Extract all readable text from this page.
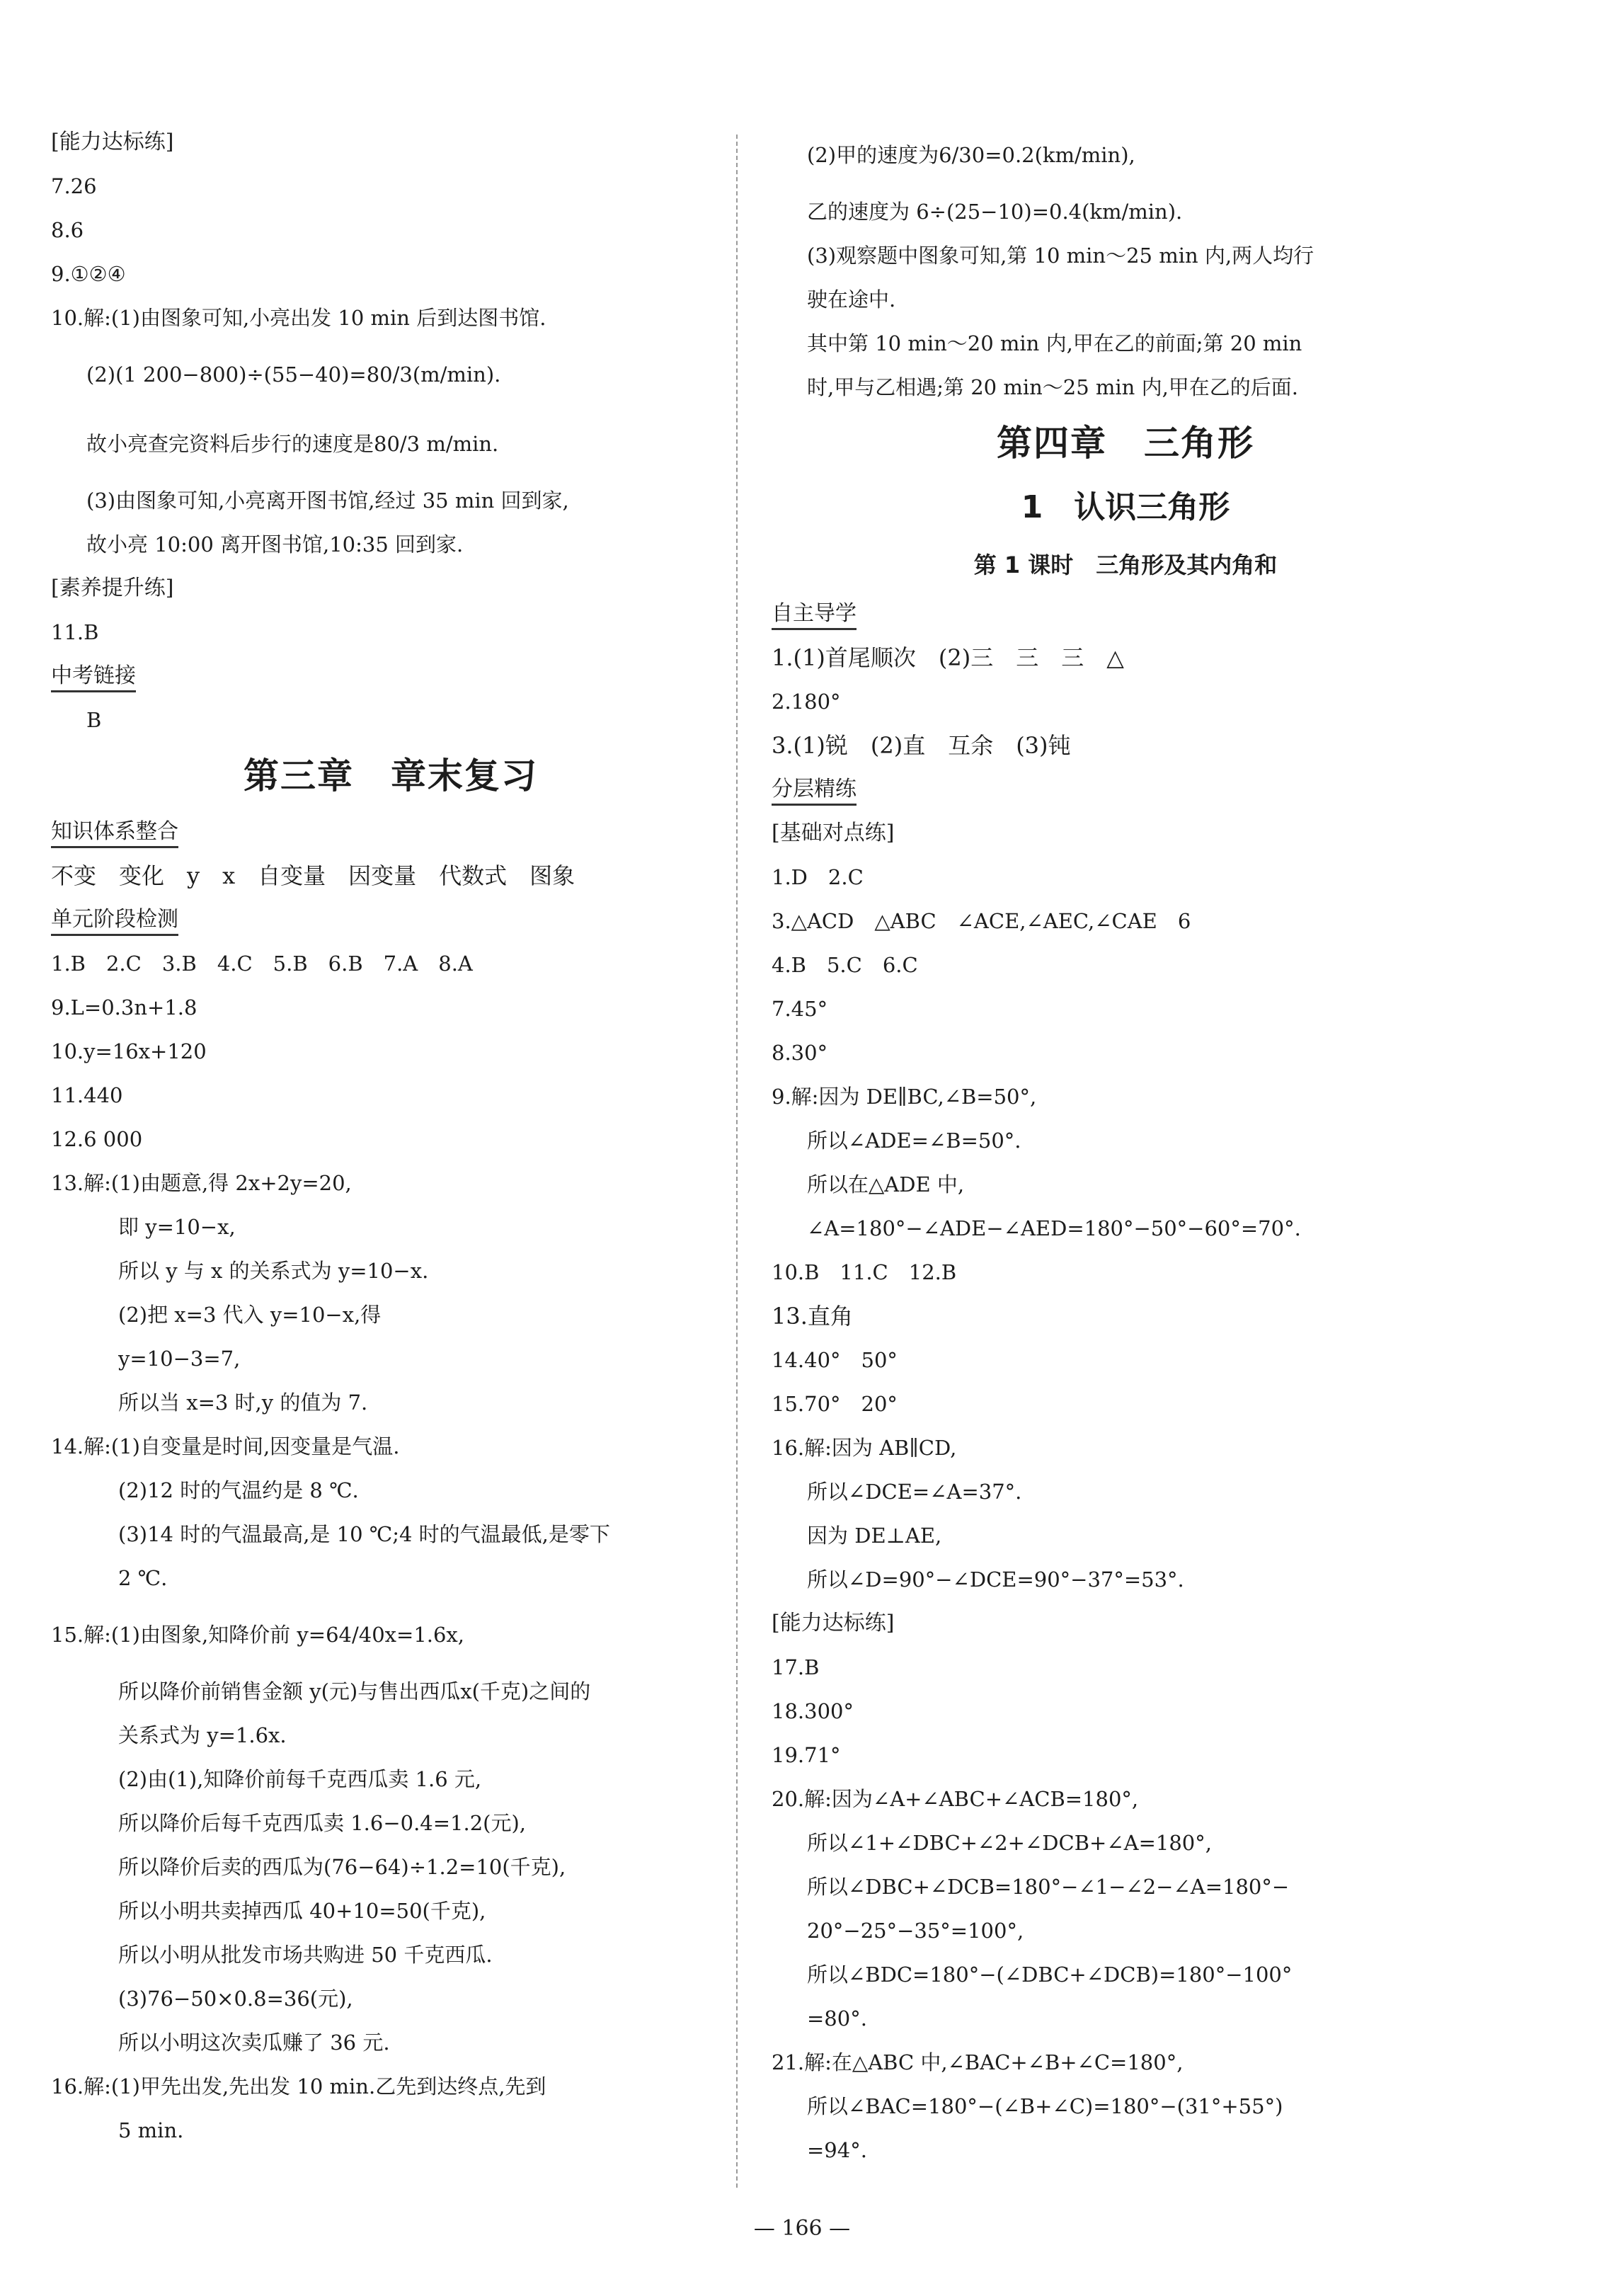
[能力达标练]
7.26
8.6
9.①②④
10.解:(1)由图象可知,小亮出发 10 min 后到达图书馆.
(2)(1 200−800)÷(55−40)=80/3(m/min).
故小亮查完资料后步行的速度是80/3 m/min.
(3)由图象可知,小亮离开图书馆,经过 35 min 回到家,
故小亮 10:00 离开图书馆,10:35 回到家.
[素养提升练]
11.B
中考链接
B
第三章　章末复习
知识体系整合
不变　变化　y　x　自变量　因变量　代数式　图象
单元阶段检测
1.B　2.C　3.B　4.C　5.B　6.B　7.A　8.A
9.L=0.3n+1.8
10.y=16x+120
11.440
12.6 000
13.解:(1)由题意,得 2x+2y=20,
即 y=10−x,
所以 y 与 x 的关系式为 y=10−x.
(2)把 x=3 代入 y=10−x,得
y=10−3=7,
所以当 x=3 时,y 的值为 7.
14.解:(1)自变量是时间,因变量是气温.
(2)12 时的气温约是 8 ℃.
(3)14 时的气温最高,是 10 ℃;4 时的气温最低,是零下
2 ℃.
15.解:(1)由图象,知降价前 y=64/40x=1.6x,
所以降价前销售金额 y(元)与售出西瓜x(千克)之间的
关系式为 y=1.6x.
(2)由(1),知降价前每千克西瓜卖 1.6 元,
所以降价后每千克西瓜卖 1.6−0.4=1.2(元),
所以降价后卖的西瓜为(76−64)÷1.2=10(千克),
所以小明共卖掉西瓜 40+10=50(千克),
所以小明从批发市场共购进 50 千克西瓜.
(3)76−50×0.8=36(元),
所以小明这次卖瓜赚了 36 元.
16.解:(1)甲先出发,先出发 10 min.乙先到达终点,先到
5 min.
(2)甲的速度为6/30=0.2(km/min),
乙的速度为 6÷(25−10)=0.4(km/min).
(3)观察题中图象可知,第 10 min～25 min 内,两人均行
驶在途中.
其中第 10 min～20 min 内,甲在乙的前面;第 20 min
时,甲与乙相遇;第 20 min～25 min 内,甲在乙的后面.
第四章　三角形
1　认识三角形
第 1 课时　三角形及其内角和
自主导学
1.(1)首尾顺次　(2)三　三　三　△
2.180°
3.(1)锐　(2)直　互余　(3)钝
分层精练
[基础对点练]
1.D　2.C
3.△ACD　△ABC　∠ACE,∠AEC,∠CAE　6
4.B　5.C　6.C
7.45°
8.30°
9.解:因为 DE∥BC,∠B=50°,
所以∠ADE=∠B=50°.
所以在△ADE 中,
∠A=180°−∠ADE−∠AED=180°−50°−60°=70°.
10.B　11.C　12.B
13.直角
14.40°　50°
15.70°　20°
16.解:因为 AB∥CD,
所以∠DCE=∠A=37°.
因为 DE⊥AE,
所以∠D=90°−∠DCE=90°−37°=53°.
[能力达标练]
17.B
18.300°
19.71°
20.解:因为∠A+∠ABC+∠ACB=180°,
所以∠1+∠DBC+∠2+∠DCB+∠A=180°,
所以∠DBC+∠DCB=180°−∠1−∠2−∠A=180°−
20°−25°−35°=100°,
所以∠BDC=180°−(∠DBC+∠DCB)=180°−100°
=80°.
21.解:在△ABC 中,∠BAC+∠B+∠C=180°,
所以∠BAC=180°−(∠B+∠C)=180°−(31°+55°)
=94°.
— 166 —
